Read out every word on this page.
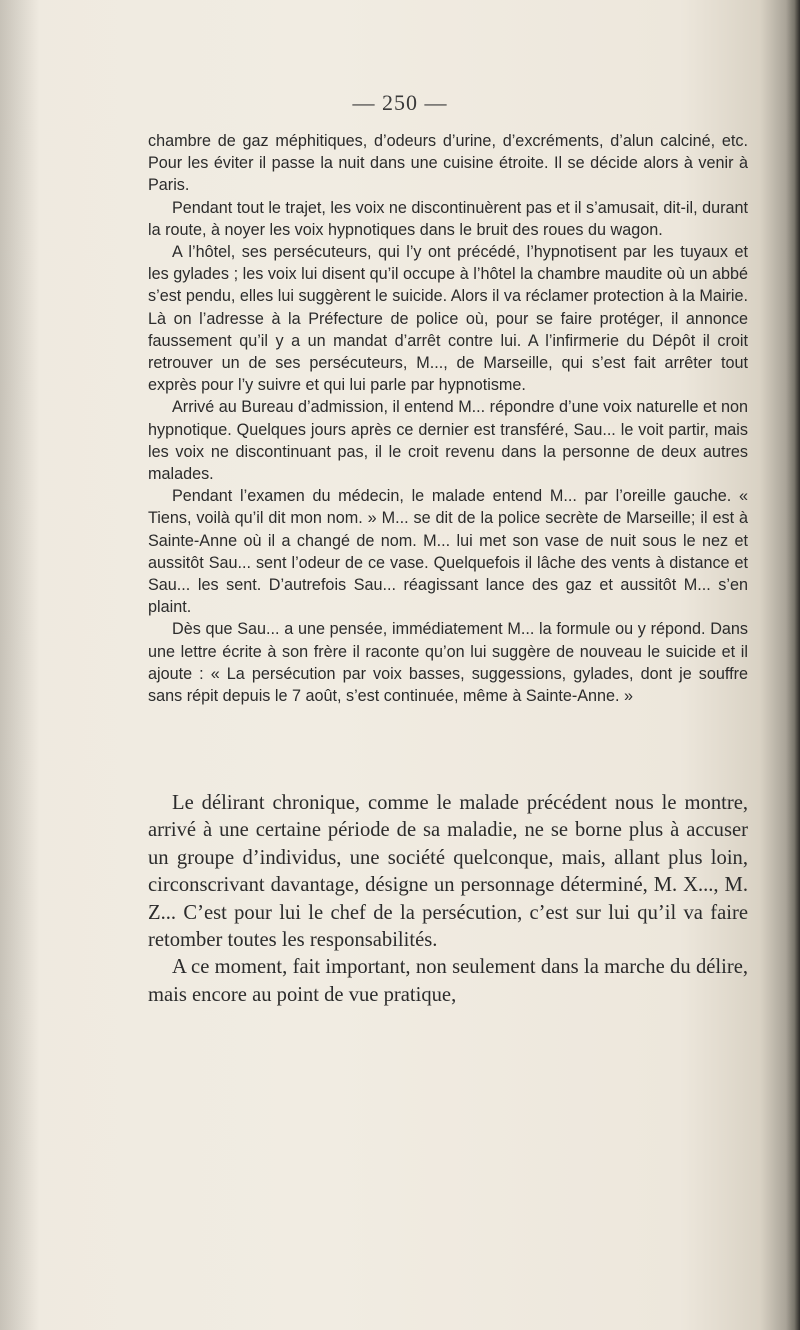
— 250 —

chambre de gaz méphitiques, d’odeurs d’urine, d’excréments, d’alun calciné, etc. Pour les éviter il passe la nuit dans une cuisine étroite. Il se décide alors à venir à Paris.

Pendant tout le trajet, les voix ne discontinuèrent pas et il s’amusait, dit-il, durant la route, à noyer les voix hypnotiques dans le bruit des roues du wagon.

A l’hôtel, ses persécuteurs, qui l’y ont précédé, l’hypnotisent par les tuyaux et les gylades ; les voix lui disent qu’il occupe à l’hôtel la chambre maudite où un abbé s’est pendu, elles lui suggèrent le suicide. Alors il va réclamer protection à la Mairie. Là on l’adresse à la Préfecture de police où, pour se faire protéger, il annonce faussement qu’il y a un mandat d’arrêt contre lui. A l’infirmerie du Dépôt il croit retrouver un de ses persécuteurs, M..., de Marseille, qui s’est fait arrêter tout exprès pour l’y suivre et qui lui parle par hypnotisme.

Arrivé au Bureau d’admission, il entend M... répondre d’une voix naturelle et non hypnotique. Quelques jours après ce dernier est transféré, Sau... le voit partir, mais les voix ne discontinuant pas, il le croit revenu dans la personne de deux autres malades.

Pendant l’examen du médecin, le malade entend M... par l’oreille gauche. « Tiens, voilà qu’il dit mon nom. » M... se dit de la police secrète de Marseille; il est à Sainte-Anne où il a changé de nom. M... lui met son vase de nuit sous le nez et aussitôt Sau... sent l’odeur de ce vase. Quelquefois il lâche des vents à distance et Sau... les sent. D’autrefois Sau... réagissant lance des gaz et aussitôt M... s’en plaint.

Dès que Sau... a une pensée, immédiatement M... la formule ou y répond. Dans une lettre écrite à son frère il raconte qu’on lui suggère de nouveau le suicide et il ajoute : « La persécution par voix basses, suggessions, gylades, dont je souffre sans répit depuis le 7 août, s’est continuée, même à Sainte-Anne. »

Le délirant chronique, comme le malade précédent nous le montre, arrivé à une certaine période de sa maladie, ne se borne plus à accuser un groupe d’individus, une société quelconque, mais, allant plus loin, circonscrivant davantage, désigne un personnage déterminé, M. X..., M. Z... C’est pour lui le chef de la persécution, c’est sur lui qu’il va faire retomber toutes les responsabilités.

A ce moment, fait important, non seulement dans la marche du délire, mais encore au point de vue pratique,
